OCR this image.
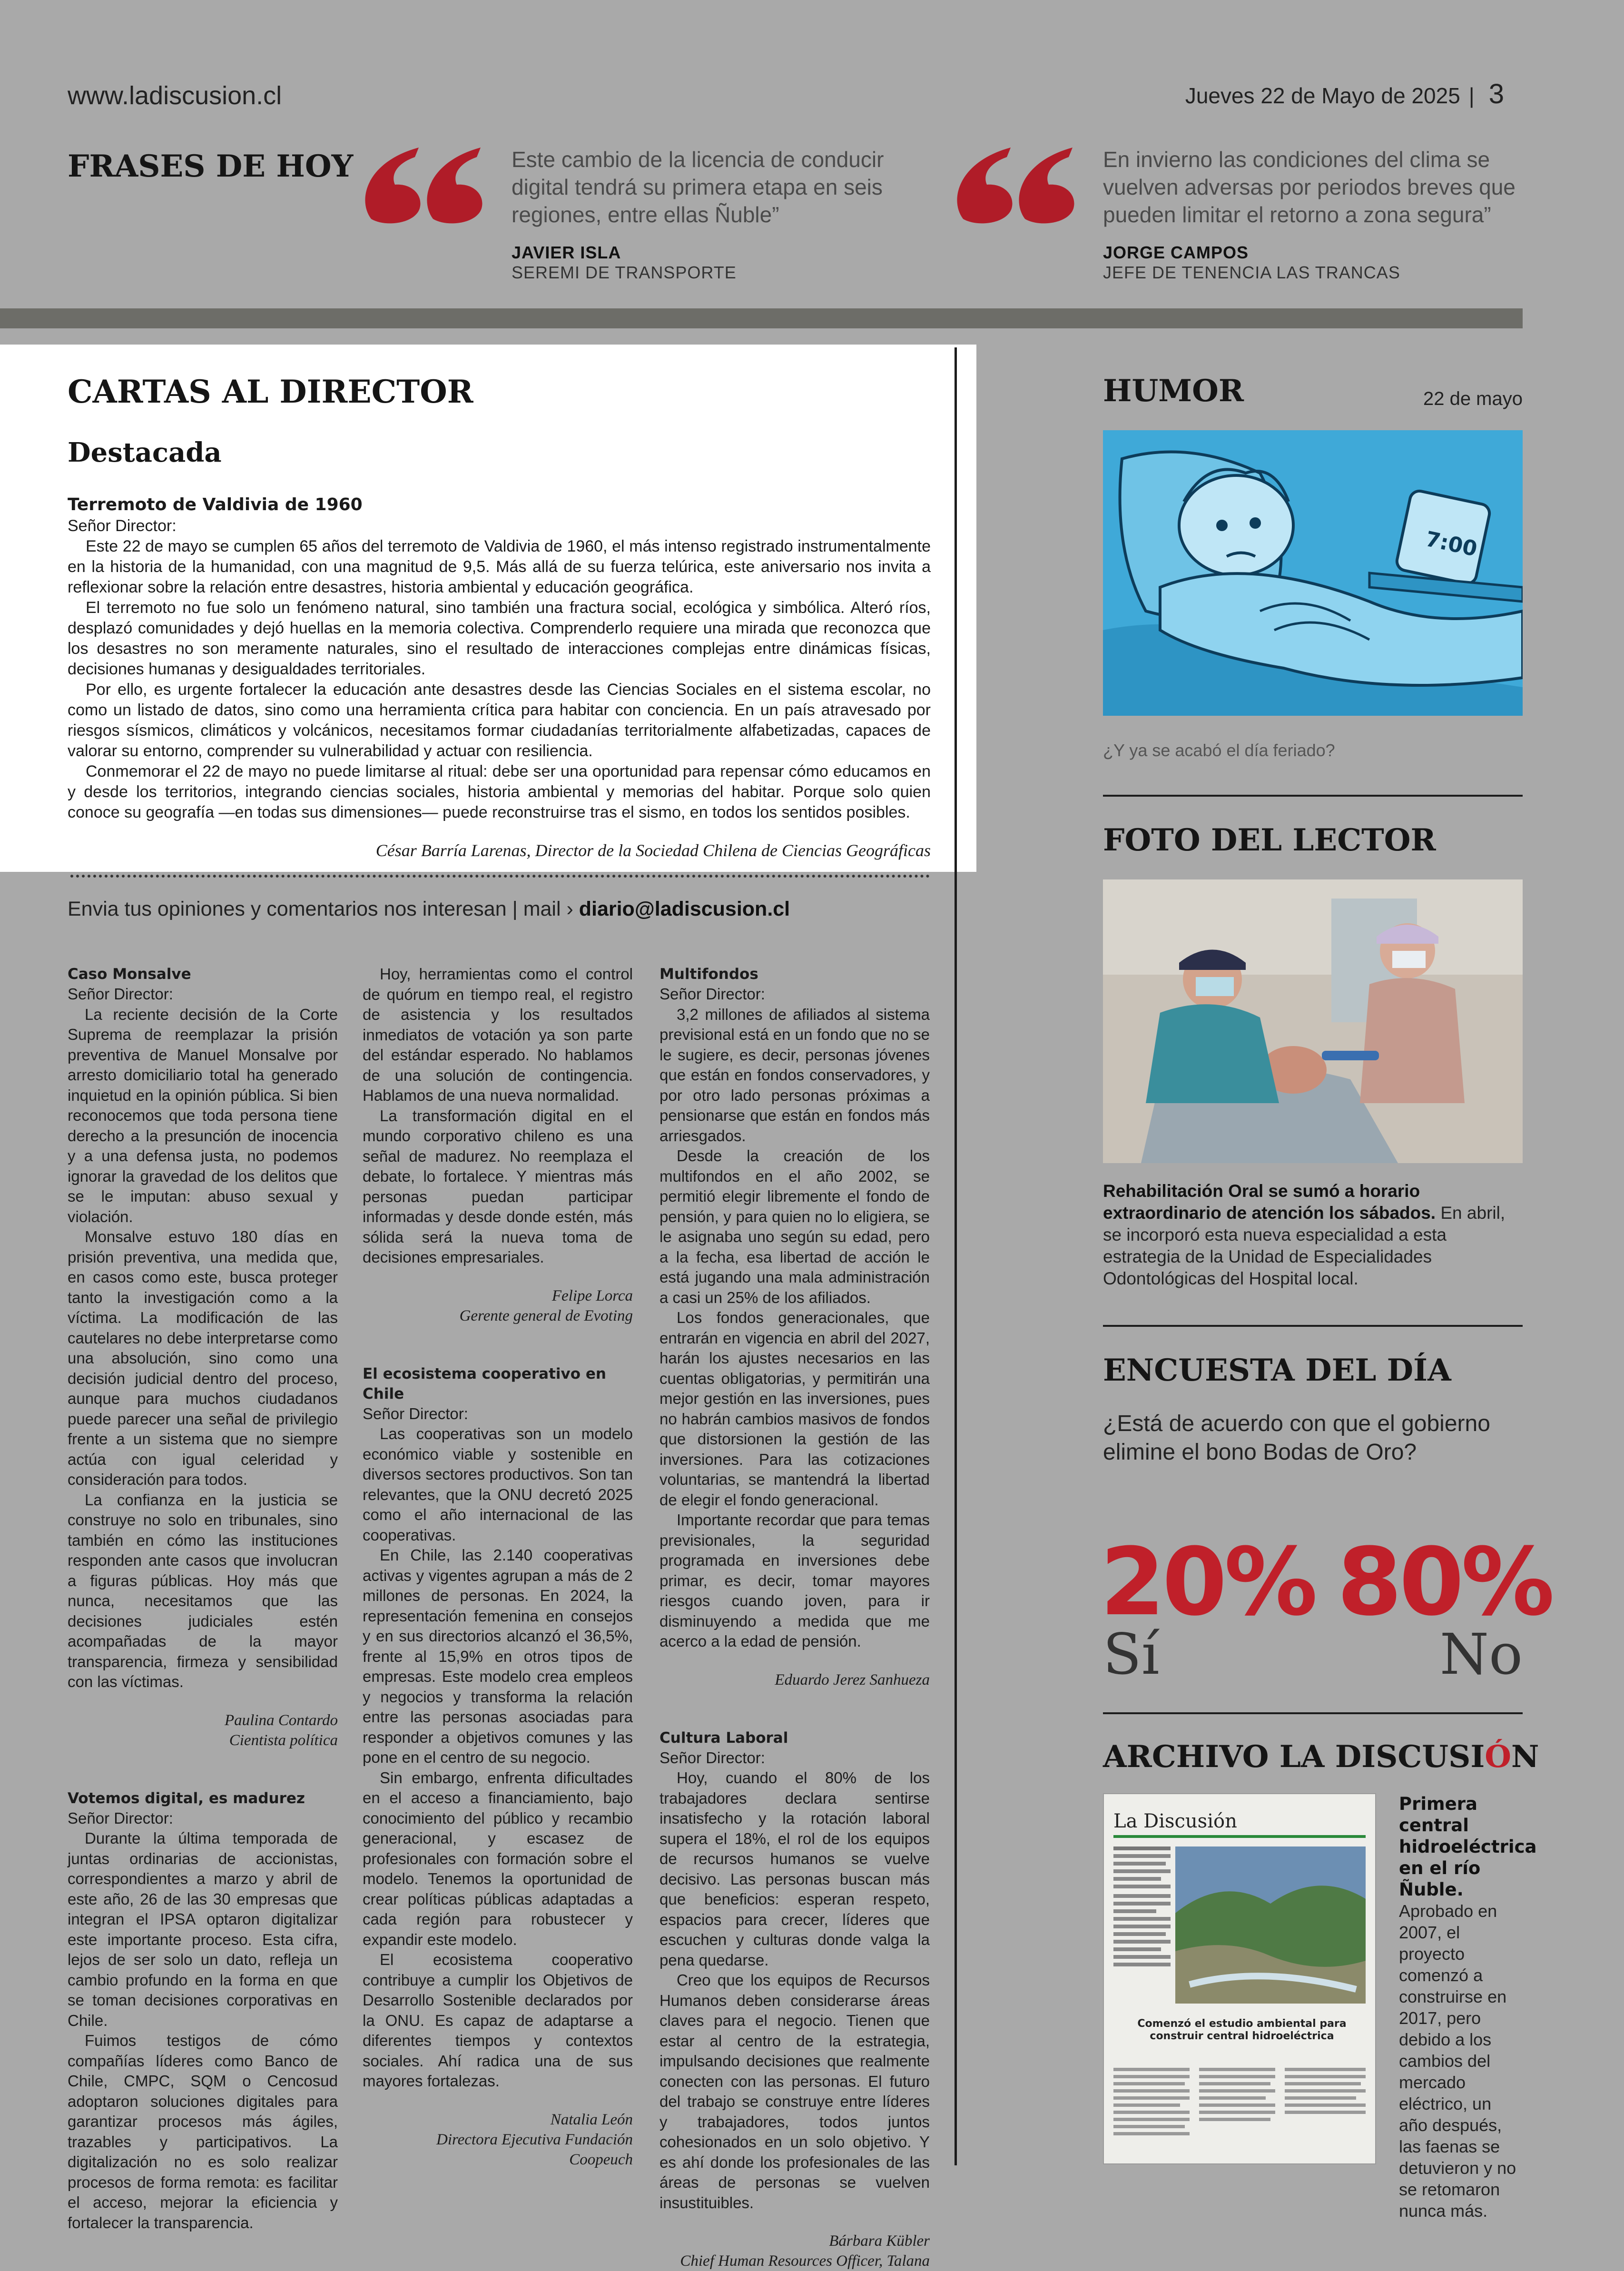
www.ladiscusion.cl	Jueves 22 de Mayo de 2025 | 3
FRASES DE HOY	Este cambio de la licencia de conducir digital tendrá su primera etapa en seis regiones, entre ellas Ñuble”
JAVIER ISLA
SEREMI DE TRANSPORTE
En invierno las condiciones del clima se vuelven adversas por periodos breves que pueden limitar el retorno a zona segura”
JORGE CAMPOS
JEFE DE TENENCIA LAS TRANCAS
CARTAS AL DIRECTOR
Destacada
Terremoto de Valdivia de 1960

Señor Director:

Este 22 de mayo se cumplen 65 años del terremoto de Valdivia de 1960, el más intenso registrado instrumentalmente en la historia de la humanidad, con una magnitud de 9,5. Más allá de su fuerza telúrica, este aniversario nos invita a reflexionar sobre la relación entre desastres, historia ambiental y educación geográfica.

El terremoto no fue solo un fenómeno natural, sino también una fractura social, ecológica y simbólica. Alteró ríos, desplazó comunidades y dejó huellas en la memoria colectiva. Comprenderlo requiere una mirada que reconozca que los desastres no son meramente naturales, sino el resultado de interacciones complejas entre dinámicas físicas, decisiones humanas y desigualdades territoriales.

Por ello, es urgente fortalecer la educación ante desastres desde las Ciencias Sociales en el sistema escolar, no como un listado de datos, sino como una herramienta crítica para habitar con conciencia. En un país atravesado por riesgos sísmicos, climáticos y volcánicos, necesitamos formar ciudadanías territorialmente alfabetizadas, capaces de valorar su entorno, comprender su vulnerabilidad y actuar con resiliencia.

Conmemorar el 22 de mayo no puede limitarse al ritual: debe ser una oportunidad para repensar cómo educamos en y desde los territorios, integrando ciencias sociales, historia ambiental y memorias del habitar. Porque solo quien conoce su geografía —en todas sus dimensiones— puede reconstruirse tras el sismo, en todos los sentidos posibles.

César Barría Larenas, Director de la Sociedad Chilena de Ciencias Geográficas
Envia tus opiniones y comentarios nos interesan | mail › diario@ladiscusion.cl
Caso Monsalve
Señor Director:

La reciente decisión de la Corte Suprema de reemplazar la prisión preventiva de Manuel Monsalve por arresto domiciliario total ha generado inquietud en la opinión pública. Si bien reconocemos que toda persona tiene derecho a la presunción de inocencia y a una defensa justa, no podemos ignorar la gravedad de los delitos que se le imputan: abuso sexual y violación.

Monsalve estuvo 180 días en prisión preventiva, una medida que, en casos como este, busca proteger tanto la investigación como a la víctima. La modificación de las cautelares no debe interpretarse como una absolución, sino como una decisión judicial dentro del proceso, aunque para muchos ciudadanos puede parecer una señal de privilegio frente a un sistema que no siempre actúa con igual celeridad y consideración para todos.

La confianza en la justicia se construye no solo en tribunales, sino también en cómo las instituciones responden ante casos que involucran a figuras públicas. Hoy más que nunca, necesitamos que las decisiones judiciales estén acompañadas de la mayor transparencia, firmeza y sensibilidad con las víctimas.

Paulina Contardo

Cientista política

Votemos digital, es madurez
Señor Director:

Durante la última temporada de juntas ordinarias de accionistas, correspondientes a marzo y abril de este año, 26 de las 30 empresas que integran el IPSA optaron digitalizar este importante proceso. Esta cifra, lejos de ser solo un dato, refleja un cambio profundo en la forma en que se toman decisiones corporativas en Chile.

Fuimos testigos de cómo compañías líderes como Banco de Chile, CMPC, SQM o Cencosud adoptaron soluciones digitales para garantizar procesos más ágiles, trazables y participativos. La digitalización no es solo realizar procesos de forma remota: es facilitar el acceso, mejorar la eficiencia y fortalecer la transparencia.

Hoy, herramientas como el control de quórum en tiempo real, el registro de asistencia y los resultados inmediatos de votación ya son parte del estándar esperado. No hablamos de una solución de contingencia. Hablamos de una nueva normalidad.

La transformación digital en el mundo corporativo chileno es una señal de madurez. No reemplaza el debate, lo fortalece. Y mientras más personas puedan participar informadas y desde donde estén, más sólida será la nueva toma de decisiones empresariales.

Felipe Lorca

Gerente general de Evoting

El ecosistema cooperativo en Chile
Señor Director:

Las cooperativas son un modelo económico viable y sostenible en diversos sectores productivos. Son tan relevantes, que la ONU decretó 2025 como el año internacional de las cooperativas.

En Chile, las 2.140 cooperativas activas y vigentes agrupan a más de 2 millones de personas. En 2024, la representación femenina en consejos y en sus directorios alcanzó el 36,5%, frente al 15,9% en otros tipos de empresas. Este modelo crea empleos y negocios y transforma la relación entre las personas asociadas para responder a objetivos comunes y las pone en el centro de su negocio.

Sin embargo, enfrenta dificultades en el acceso a financiamiento, bajo conocimiento del público y recambio generacional, y escasez de profesionales con formación sobre el modelo. Tenemos la oportunidad de crear políticas públicas adaptadas a cada región para robustecer y expandir este modelo.

El ecosistema cooperativo contribuye a cumplir los Objetivos de Desarrollo Sostenible declarados por la ONU. Es capaz de adaptarse a diferentes tiempos y contextos sociales. Ahí radica una de sus mayores fortalezas.

Natalia León

Directora Ejecutiva Fundación

Coopeuch

Multifondos
Señor Director:

3,2 millones de afiliados al sistema previsional está en un fondo que no se le sugiere, es decir, personas jóvenes que están en fondos conservadores, y por otro lado personas próximas a pensionarse que están en fondos más arriesgados.

Desde la creación de los multifondos en el año 2002, se permitió elegir libremente el fondo de pensión, y para quien no lo eligiera, se le asignaba uno según su edad, pero a la fecha, esa libertad de acción le está jugando una mala administración a casi un 25% de los afiliados.

Los fondos generacionales, que entrarán en vigencia en abril del 2027, harán los ajustes necesarios en las cuentas obligatorias, y permitirán una mejor gestión en las inversiones, pues no habrán cambios masivos de fondos que distorsionen la gestión de las inversiones. Para las cotizaciones voluntarias, se mantendrá la libertad de elegir el fondo generacional.

Importante recordar que para temas previsionales, la seguridad programada en inversiones debe primar, es decir, tomar mayores riesgos cuando joven, para ir disminuyendo a medida que me acerco a la edad de pensión.

Eduardo Jerez Sanhueza

Cultura Laboral
Señor Director:

Hoy, cuando el 80% de los trabajadores declara sentirse insatisfecho y la rotación laboral supera el 18%, el rol de los equipos de recursos humanos se vuelve decisivo. Las personas buscan más que beneficios: esperan respeto, espacios para crecer, líderes que escuchen y culturas donde valga la pena quedarse.

Creo que los equipos de Recursos Humanos deben considerarse áreas claves para el negocio. Tienen que estar al centro de la estrategia, impulsando decisiones que realmente conecten con las personas. El futuro del trabajo se construye entre líderes y trabajadores, todos juntos cohesionados en un solo objetivo. Y es ahí donde los profesionales de las áreas de personas se vuelven insustituibles.

Bárbara Kübler

Chief Human Resources Officer, Talana

HUMOR	22 de mayo
7:00
¿Y ya se acabó el día feriado?
FOTO DEL LECTOR
Rehabilitación Oral se sumó a horario extraordinario de atención los sábados. En abril, se incorporó esta nueva especialidad a esta estrategia de la Unidad de Especialidades Odontológicas del Hospital local.
ENCUESTA DEL DÍA
¿Está de acuerdo con que el gobierno elimine el bono Bodas de Oro?
20% 80%
Sí	No
ARCHIVO LA DISCUSIÓN
La Discusión
Comenzó el estudio ambiental para construir central hidroeléctrica
Primera central hidroeléctrica en el río Ñuble. Aprobado en 2007, el proyecto comenzó a construirse en 2017, pero debido a los cambios del mercado eléctrico, un año después, las faenas se detuvieron y no se retomaron nunca más.
